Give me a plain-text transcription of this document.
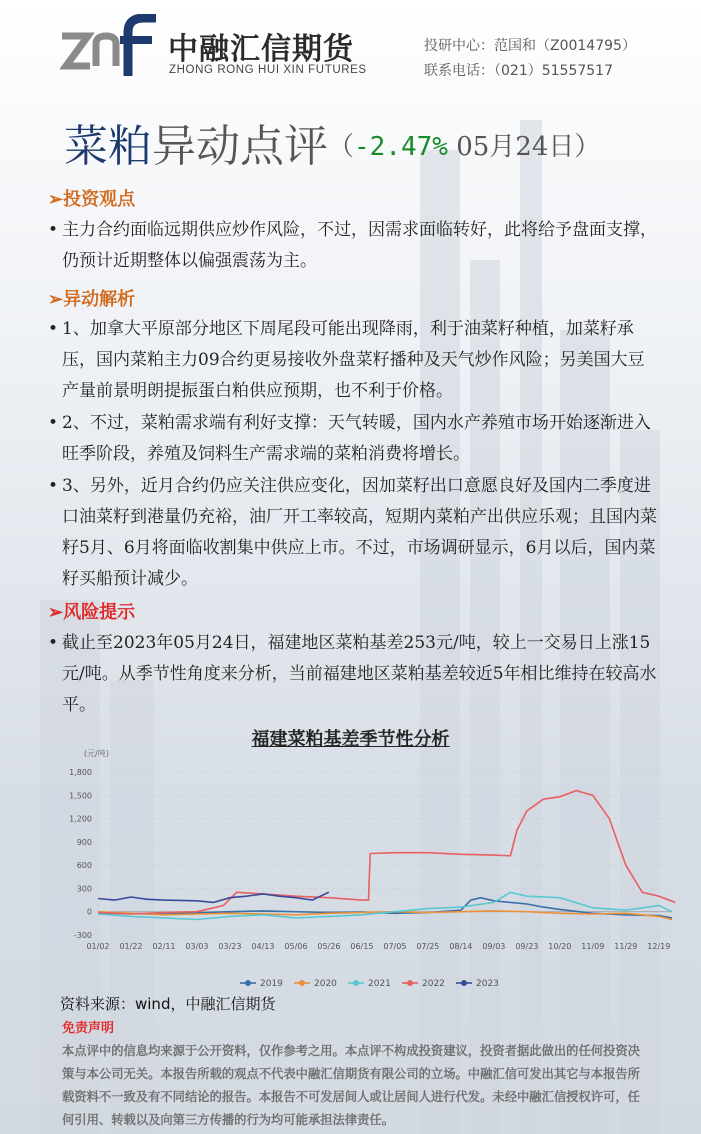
中融汇信期货
ZHONG RONG HUI XIN FUTURES
投研中心：范国和（Z0014795）
联系电话：（021）51557517
菜粕异动点评（-2.47% 05月24日）
➢投资观点
• 主力合约面临远期供应炒作风险，不过，因需求面临转好，此将给予盘面支撑，仍预计近期整体以偏强震荡为主。
➢异动解析
• 1、加拿大平原部分地区下周尾段可能出现降雨，利于油菜籽种植，加菜籽承压，国内菜粕主力09合约更易接收外盘菜籽播种及天气炒作风险；另美国大豆产量前景明朗提振蛋白粕供应预期，也不利于价格。
• 2、不过，菜粕需求端有利好支撑：天气转暖，国内水产养殖市场开始逐渐进入旺季阶段，养殖及饲料生产需求端的菜粕消费将增长。
• 3、另外，近月合约仍应关注供应变化，因加菜籽出口意愿良好及国内二季度进口油菜籽到港量仍充裕，油厂开工率较高，短期内菜粕产出供应乐观；且国内菜籽5月、6月将面临收割集中供应上市。不过，市场调研显示，6月以后，国内菜籽买船预计减少。
➢风险提示
• 截止至2023年05月24日，福建地区菜粕基差253元/吨，较上一交易日上涨15元/吨。从季节性角度来分析，当前福建地区菜粕基差较近5年相比维持在较高水平。
福建菜粕基差季节性分析
(元/吨)
1,800
1,500
1,200
900
600
300
0
-300
01/02 01/22 02/11 03/03 03/23 04/13 05/06 05/26 06/15 07/05 07/25 08/14 09/03 09/23 10/20 11/09 11/29 12/19
2019	2020	2021	2022	2023
资料来源：wind，中融汇信期货
免责声明
本点评中的信息均来源于公开资料，仅作参考之用。本点评不构成投资建议，投资者据此做出的任何投资决策与本公司无关。本报告所载的观点不代表中融汇信期货有限公司的立场。中融汇信可发出其它与本报告所载资料不一致及有不同结论的报告。本报告不可发居间人或让居间人进行代发。未经中融汇信授权许可，任何引用、转载以及向第三方传播的行为均可能承担法律责任。
